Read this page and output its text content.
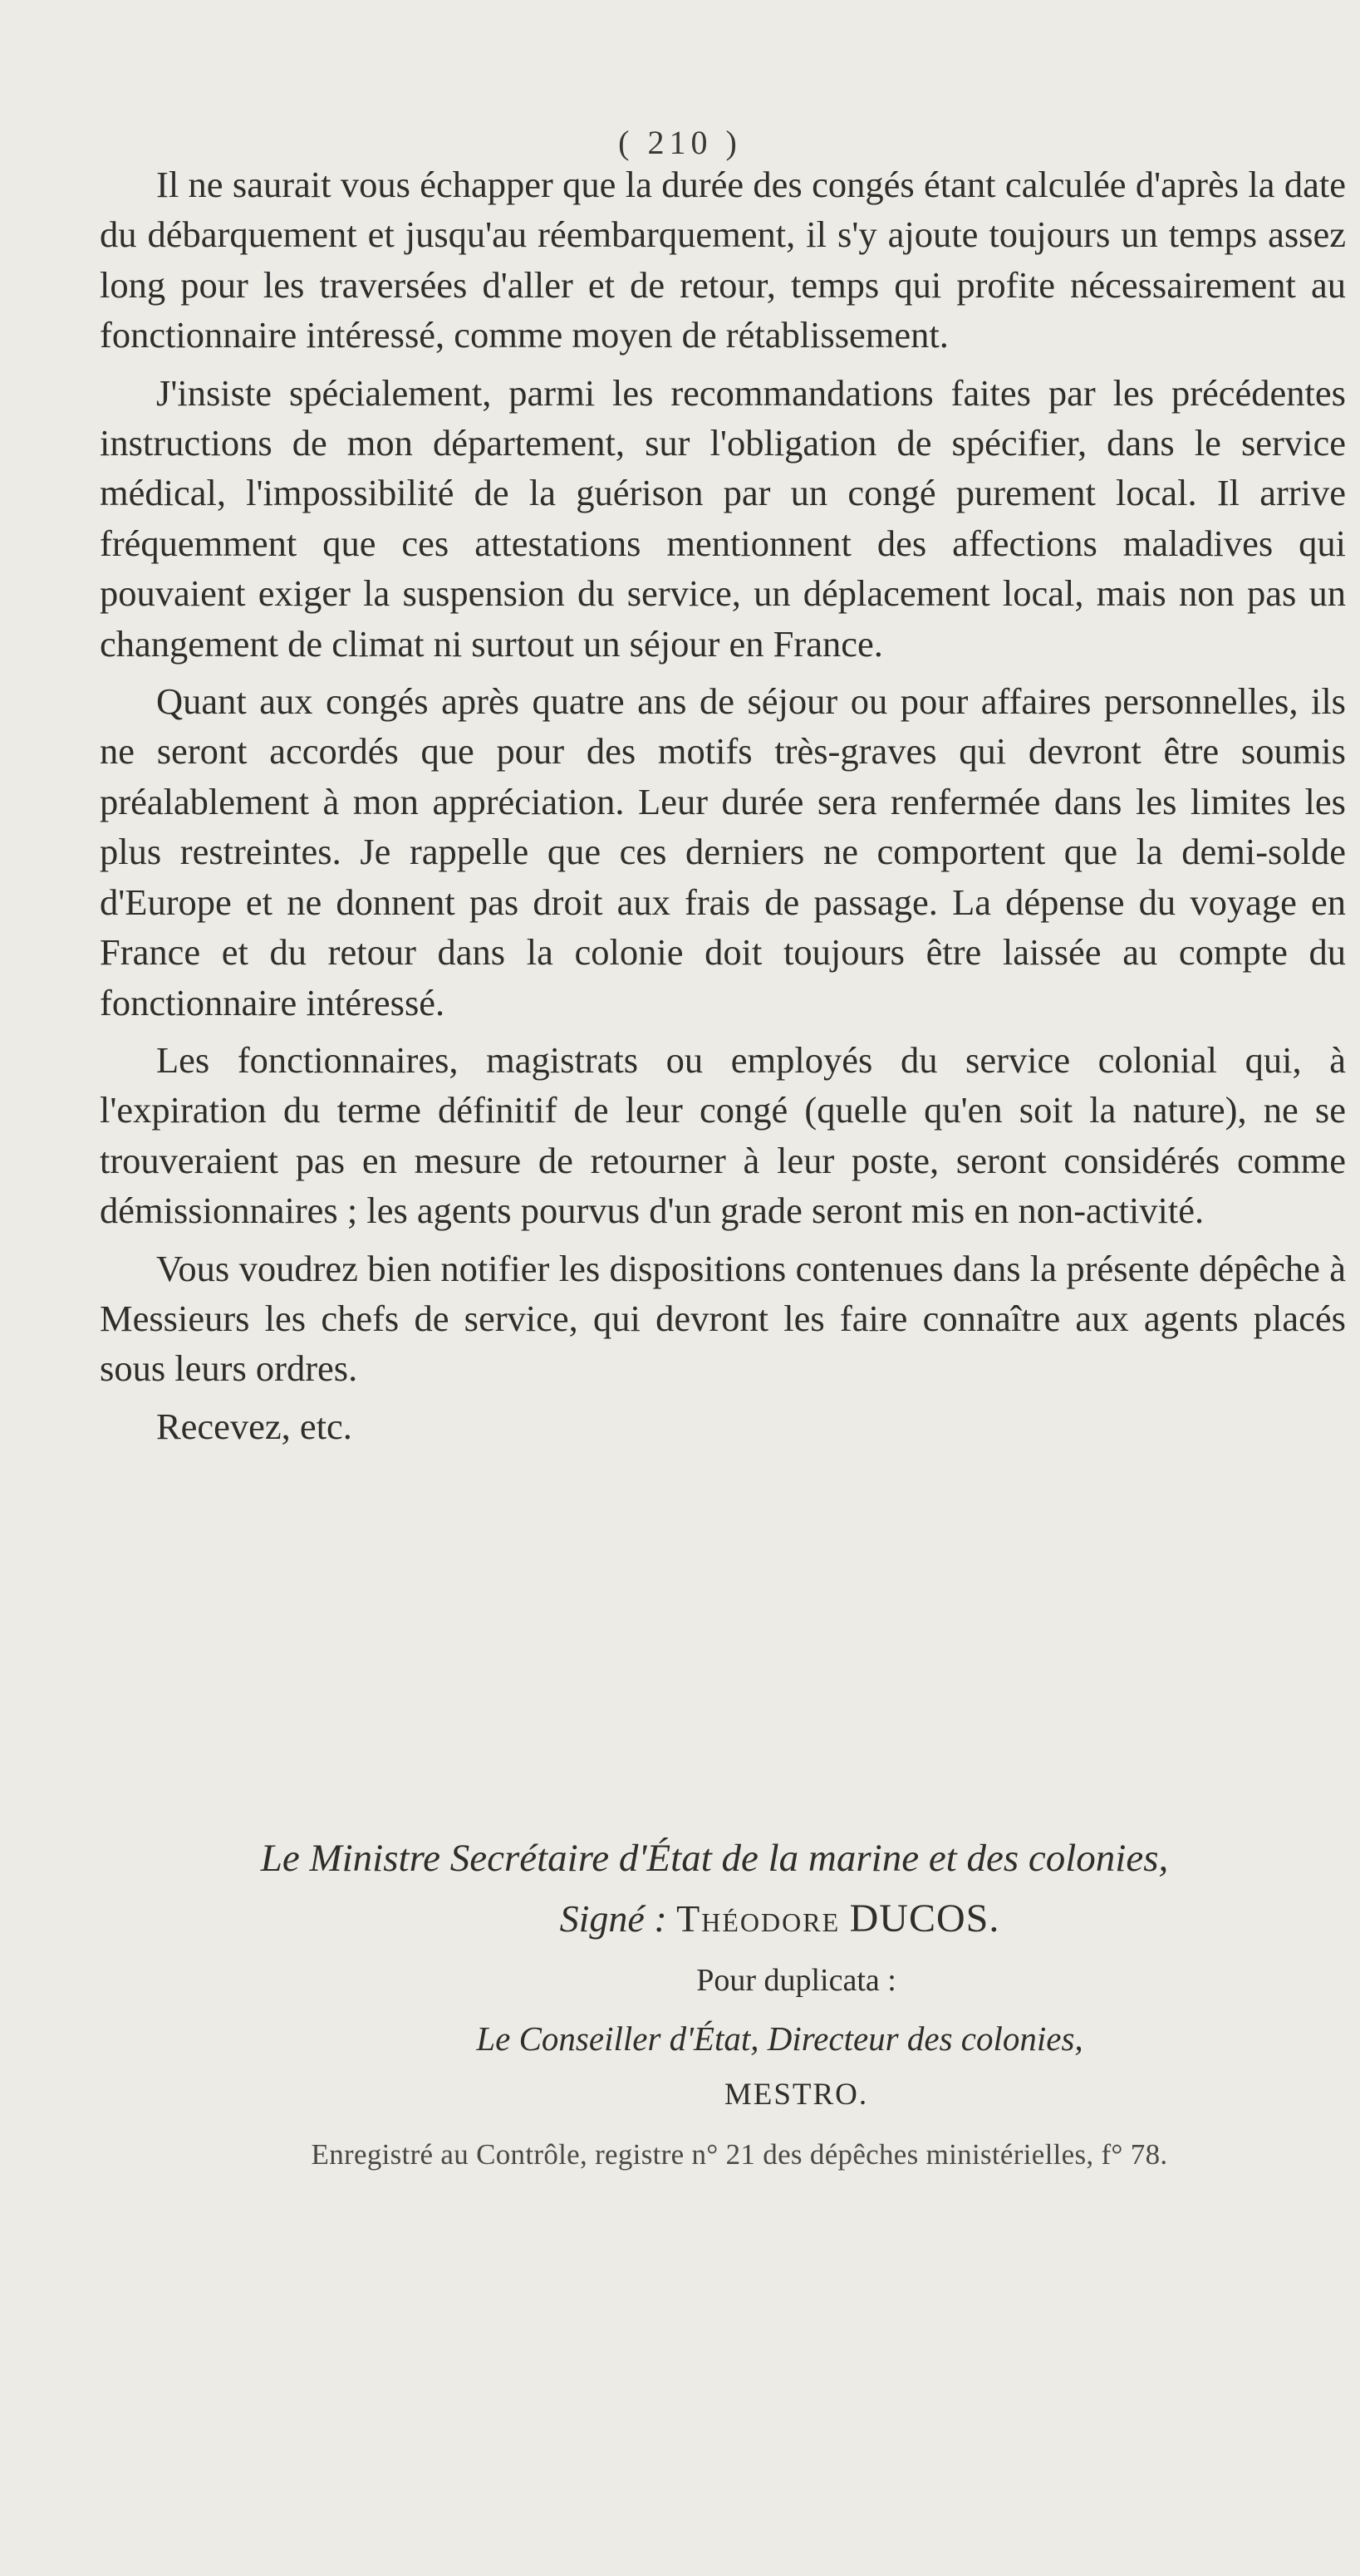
( 210 )

Il ne saurait vous échapper que la durée des congés étant calculée d'après la date du débarquement et jusqu'au réembarquement, il s'y ajoute toujours un temps assez long pour les traversées d'aller et de retour, temps qui profite nécessairement au fonctionnaire intéressé, comme moyen de rétablissement.

J'insiste spécialement, parmi les recommandations faites par les précédentes instructions de mon département, sur l'obligation de spécifier, dans le service médical, l'impossibilité de la guérison par un congé purement local. Il arrive fréquemment que ces attestations mentionnent des affections maladives qui pouvaient exiger la suspension du service, un déplacement local, mais non pas un changement de climat ni surtout un séjour en France.

Quant aux congés après quatre ans de séjour ou pour affaires personnelles, ils ne seront accordés que pour des motifs très-graves qui devront être soumis préalablement à mon appréciation. Leur durée sera renfermée dans les limites les plus restreintes. Je rappelle que ces derniers ne comportent que la demi-solde d'Europe et ne donnent pas droit aux frais de passage. La dépense du voyage en France et du retour dans la colonie doit toujours être laissée au compte du fonctionnaire intéressé.

Les fonctionnaires, magistrats ou employés du service colonial qui, à l'expiration du terme définitif de leur congé (quelle qu'en soit la nature), ne se trouveraient pas en mesure de retourner à leur poste, seront considérés comme démissionnaires ; les agents pourvus d'un grade seront mis en non-activité.

Vous voudrez bien notifier les dispositions contenues dans la présente dépêche à Messieurs les chefs de service, qui devront les faire connaître aux agents placés sous leurs ordres.

Recevez, etc.

Le Ministre Secrétaire d'État de la marine et des colonies,
Signé : Théodore DUCOS.
Pour duplicata :
Le Conseiller d'État, Directeur des colonies,
MESTRO.
Enregistré au Contrôle, registre n° 21 des dépêches ministérielles, f° 78.
